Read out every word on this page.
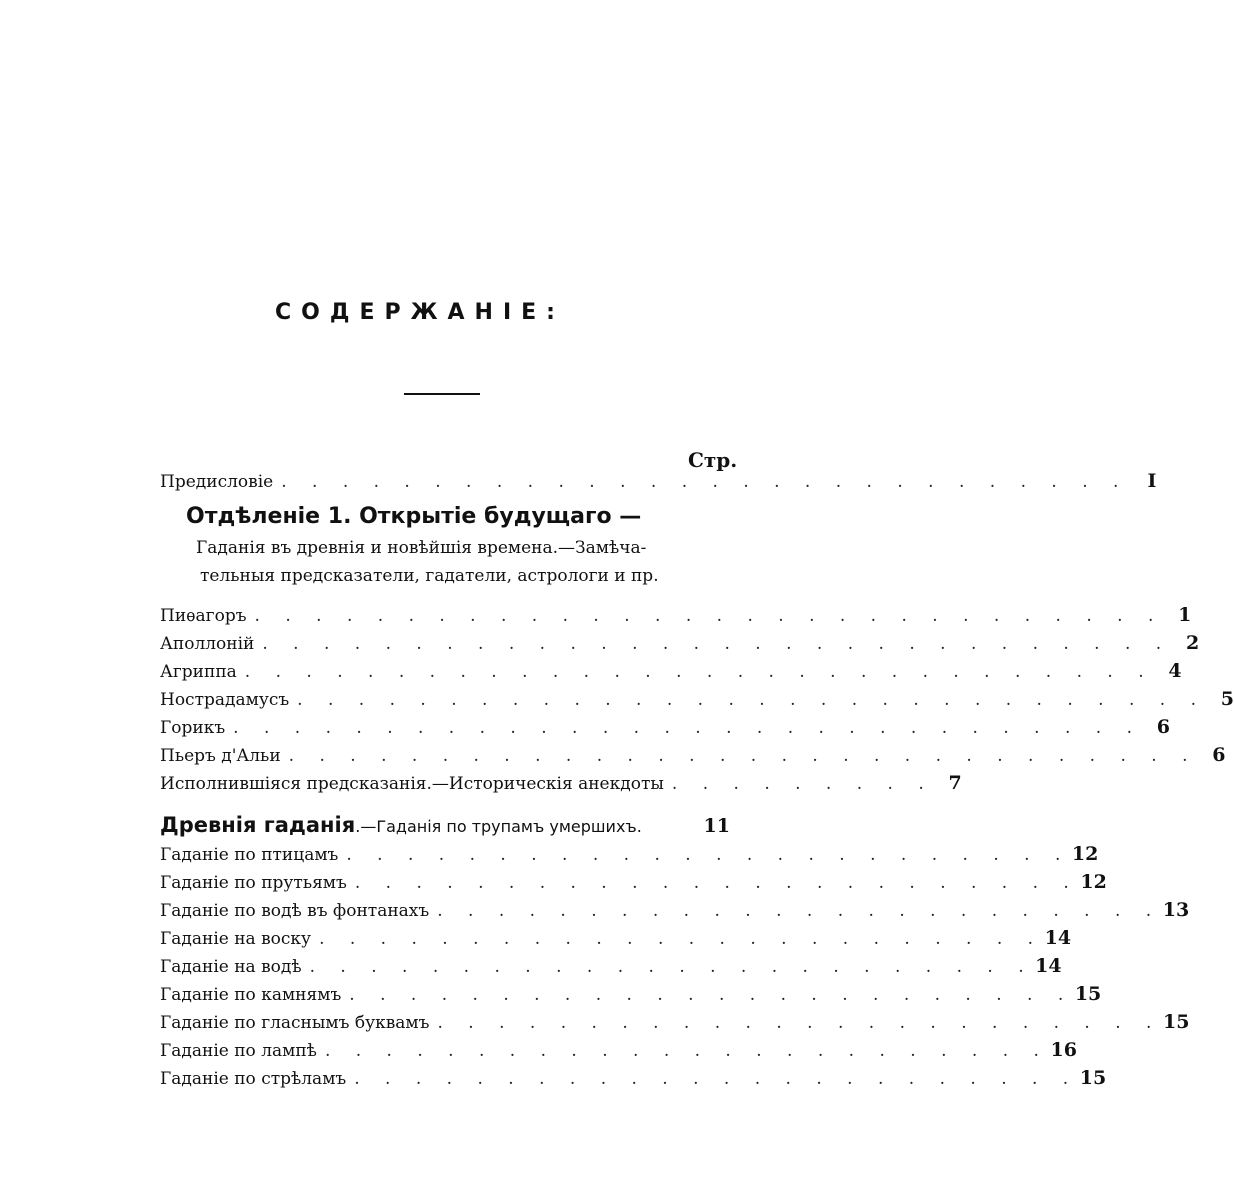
СОДЕРЖАНІЕ:
Стр.
Предисловіе . . . . . . . . . . . . . . . . . . . . . . . . . . . .	I
Отдѣленіе 1. Открытіе будущаго —
Гаданія въ древнія и новѣйшія времена.—Замѣча-
тельныя предсказатели, гадатели, астрологи и пр.
Пиѳагоръ . . . . . . . . . . . . . . . . . . . . . . . . . . . . . . 1
Аполлоній . . . . . . . . . . . . . . . . . . . . . . . . . . . . . . 2
Агриппа . . . . . . . . . . . . . . . . . . . . . . . . . . . . . . 4
Нострадамусъ . . . . . . . . . . . . . . . . . . . . . . . . . . . . . . 5
Горикъ . . . . . . . . . . . . . . . . . . . . . . . . . . . . . . 6
Пьеръ д'Альи . . . . . . . . . . . . . . . . . . . . . . . . . . . . . . 6
Исполнившіяся предсказанія.—Историческія анекдоты . . . . . . . . . 7
Древнія гаданія.—Гаданія по трупамъ умершихъ.	11
Гаданіе по птицамъ . . . . . . . . . . . . . . . . . . . . . . . . 12
Гаданіе по прутьямъ . . . . . . . . . . . . . . . . . . . . . . . . 12
Гаданіе по водѣ въ фонтанахъ . . . . . . . . . . . . . . . . . . . . . . . . 13
Гаданіе на воску . . . . . . . . . . . . . . . . . . . . . . . . 14
Гаданіе на водѣ . . . . . . . . . . . . . . . . . . . . . . . . 14
Гаданіе по камнямъ . . . . . . . . . . . . . . . . . . . . . . . . 15
Гаданіе по гласнымъ буквамъ . . . . . . . . . . . . . . . . . . . . . . . . 15
Гаданіе по лампѣ . . . . . . . . . . . . . . . . . . . . . . . . 16
Гаданіе по стрѣламъ . . . . . . . . . . . . . . . . . . . . . . . . 15
